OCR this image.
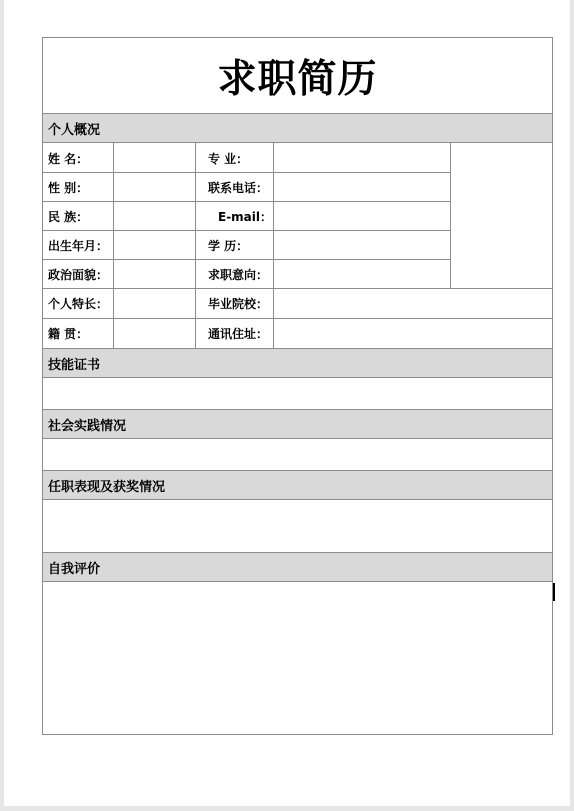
求职简历
个人概况
姓 名：	专 业：
性 别：	联系电话：
民 族：	E-mail：
出生年月：	学 历：
政治面貌：	求职意向：
个人特长：	毕业院校：
籍 贯：	通讯住址：
技能证书
社会实践情况
任职表现及获奖情况
自我评价
